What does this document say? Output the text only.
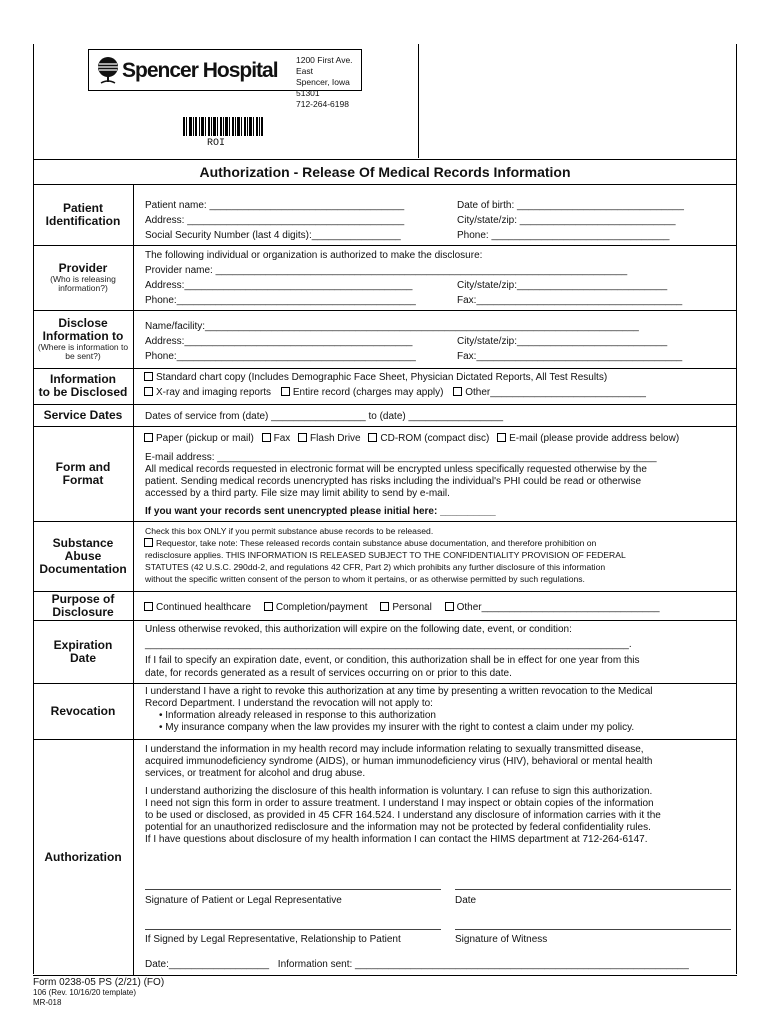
Spencer Hospital 1200 First Ave. East
Spencer, Iowa 51301
712-264-6198
ROI
Authorization - Release Of Medical Records Information
Patient
Identification
Patient name: ___________________________________	Date of birth: ______________________________
Address: _______________________________________	City/state/zip: ____________________________
Social Security Number (last 4 digits):________________	Phone: ________________________________
Provider
(Who is releasing information?)
The following individual or organization is authorized to make the disclosure:
Provider name: __________________________________________________________________________
Address:_________________________________________	City/state/zip:___________________________
Phone:___________________________________________	Fax:_____________________________________
Disclose
Information to
(Where is information to be sent?)
Name/facility:______________________________________________________________________________
Address:_________________________________________	City/state/zip:___________________________
Phone:___________________________________________	Fax:_____________________________________
Information
to be Disclosed
Standard chart copy (Includes Demographic Face Sheet, Physician Dictated Reports, All Test Results)
X-ray and imaging reports Entire record (charges may apply) Other____________________________
Service Dates Dates of service from (date) _________________ to (date) _________________
Form and
Format
Paper (pickup or mail) Fax Flash Drive CD-ROM (compact disc) E-mail (please provide address below)
E-mail address: _______________________________________________________________________________
All medical records requested in electronic format will be encrypted unless specifically requested otherwise by the
patient. Sending medical records unencrypted has risks including the individual's PHI could be read or otherwise
accessed by a third party. File size may limit ability to send by e-mail.
If you want your records sent unencrypted please initial here: __________
Substance
Abuse
Documentation
Check this box ONLY if you permit substance abuse records to be released.
Requestor, take note: These released records contain substance abuse documentation, and therefore prohibition on
redisclosure applies. THIS INFORMATION IS RELEASED SUBJECT TO THE CONFIDENTIALITY PROVISION OF FEDERAL
STATUTES (42 U.S.C. 290dd-2, and regulations 42 CFR, Part 2) which prohibits any further disclosure of this information
without the specific written consent of the person to whom it pertains, or as otherwise permitted by such regulations.
Purpose of
Disclosure	Continued healthcare Completion/payment Personal Other________________________________
Expiration
Date
Unless otherwise revoked, this authorization will expire on the following date, event, or condition:
_______________________________________________________________________________________.
If I fail to specify an expiration date, event, or condition, this authorization shall be in effect for one year from this
date, for records generated as a result of services occurring on or prior to this date.
Revocation
I understand I have a right to revoke this authorization at any time by presenting a written revocation to the Medical
Record Department. I understand the revocation will not apply to:
• Information already released in response to this authorization
• My insurance company when the law provides my insurer with the right to contest a claim under my policy.
Authorization
I understand the information in my health record may include information relating to sexually transmitted disease,
acquired immunodeficiency syndrome (AIDS), or human immunodeficiency virus (HIV), behavioral or mental health
services, or treatment for alcohol and drug abuse.
I understand authorizing the disclosure of this health information is voluntary. I can refuse to sign this authorization.
I need not sign this form in order to assure treatment. I understand I may inspect or obtain copies of the information
to be used or disclosed, as provided in 45 CFR 164.524. I understand any disclosure of information carries with it the
potential for an unauthorized redisclosure and the information may not be protected by federal confidentiality rules.
If I have questions about disclosure of my health information I can contact the HIMS department at 712-264-6147.
Signature of Patient or Legal Representative	Date
If Signed by Legal Representative, Relationship to Patient	Signature of Witness
Date:__________________ Information sent: ____________________________________________________________
Form 0238-05 PS (2/21) (FO)
106 (Rev. 10/16/20 template)
MR-018
